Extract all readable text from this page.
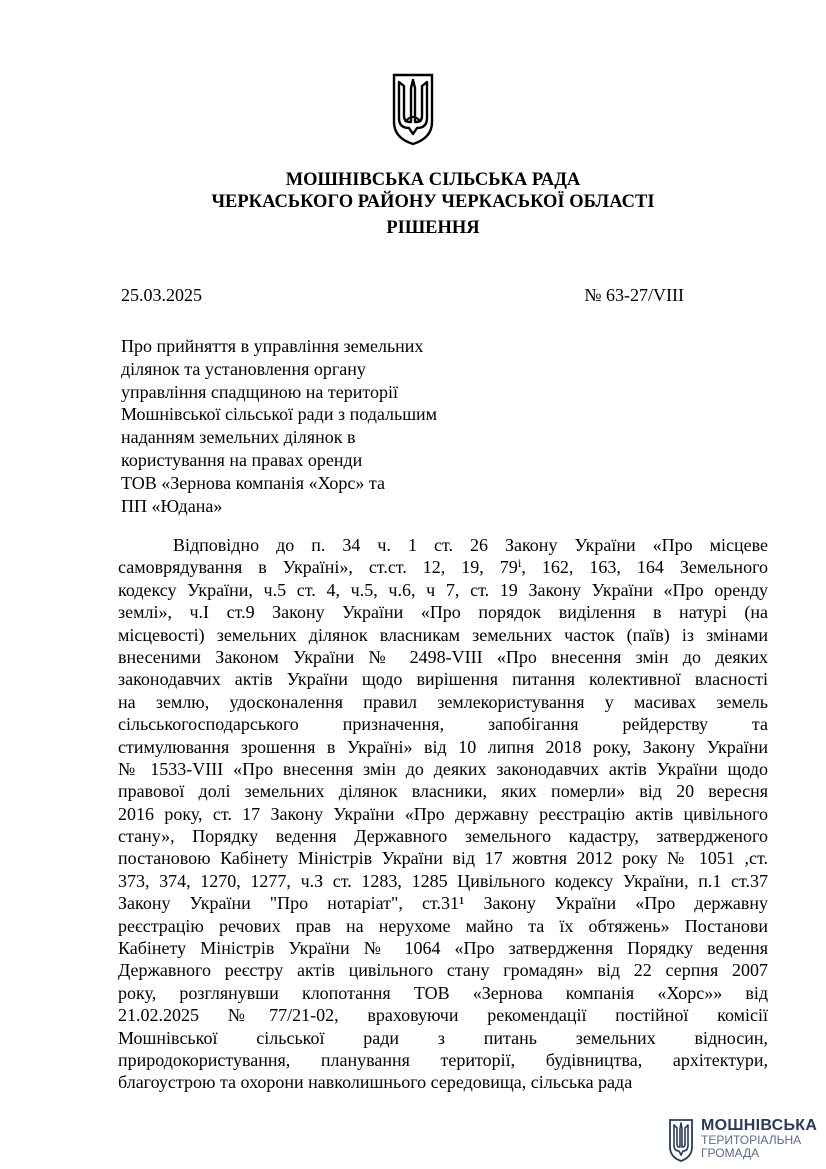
МОШНІВСЬКА СІЛЬСЬКА РАДА
ЧЕРКАСЬКОГО РАЙОНУ ЧЕРКАСЬКОЇ ОБЛАСТІ
РІШЕННЯ
25.03.2025	№ 63-27/VIII
Про прийняття в управління земельних
ділянок та установлення органу
управління спадщиною на території
Мошнівської сільської ради з подальшим
наданням земельних ділянок в
користування на правах оренди
ТОВ «Зернова компанія «Хорс» та
ПП «Юдана»
Відповідно до п. 34 ч. 1 ст. 26 Закону України «Про місцеве
самоврядування в Україні», ст.ст. 12, 19, 79ⁱ, 162, 163, 164 Земельного
кодексу України, ч.5 ст. 4, ч.5, ч.6, ч 7, ст. 19 Закону України «Про оренду
землі», ч.І ст.9 Закону України «Про порядок виділення в натурі (на
місцевості) земельних ділянок власникам земельних часток (паїв) із змінами
внесеними Законом України № 2498-VIII «Про внесення змін до деяких
законодавчих актів України щодо вирішення питання колективної власності
на землю, удосконалення правил землекористування у масивах земель
сільськогосподарського призначення, запобігання рейдерству та
стимулювання зрошення в Україні» від 10 липня 2018 року, Закону України
№ 1533-VIII «Про внесення змін до деяких законодавчих актів України щодо
правової долі земельних ділянок власники, яких померли» від 20 вересня
2016 року, ст. 17 Закону України «Про державну реєстрацію актів цивільного
стану», Порядку ведення Державного земельного кадастру, затвердженого
постановою Кабінету Міністрів України від 17 жовтня 2012 року № 1051 ,ст.
373, 374, 1270, 1277, ч.З ст. 1283, 1285 Цивільного кодексу України, п.1 ст.37
Закону України "Про нотаріат", ст.31¹ Закону України «Про державну
реєстрацію речових прав на нерухоме майно та їх обтяжень» Постанови
Кабінету Міністрів України № 1064 «Про затвердження Порядку ведення
Державного реєстру актів цивільного стану громадян» від 22 серпня 2007
року, розглянувши клопотання ТОВ «Зернова компанія «Хорс»» від
21.02.2025 №77/21-02, враховуючи рекомендації постійної комісії
Мошнівської сільської ради з питань земельних відносин,
природокористування, планування території, будівництва, архітектури,
благоустрою та охорони навколишнього середовища, сільська рада
МОШНІВСЬКА
ТЕРИТОРІАЛЬНА
ГРОМАДА
